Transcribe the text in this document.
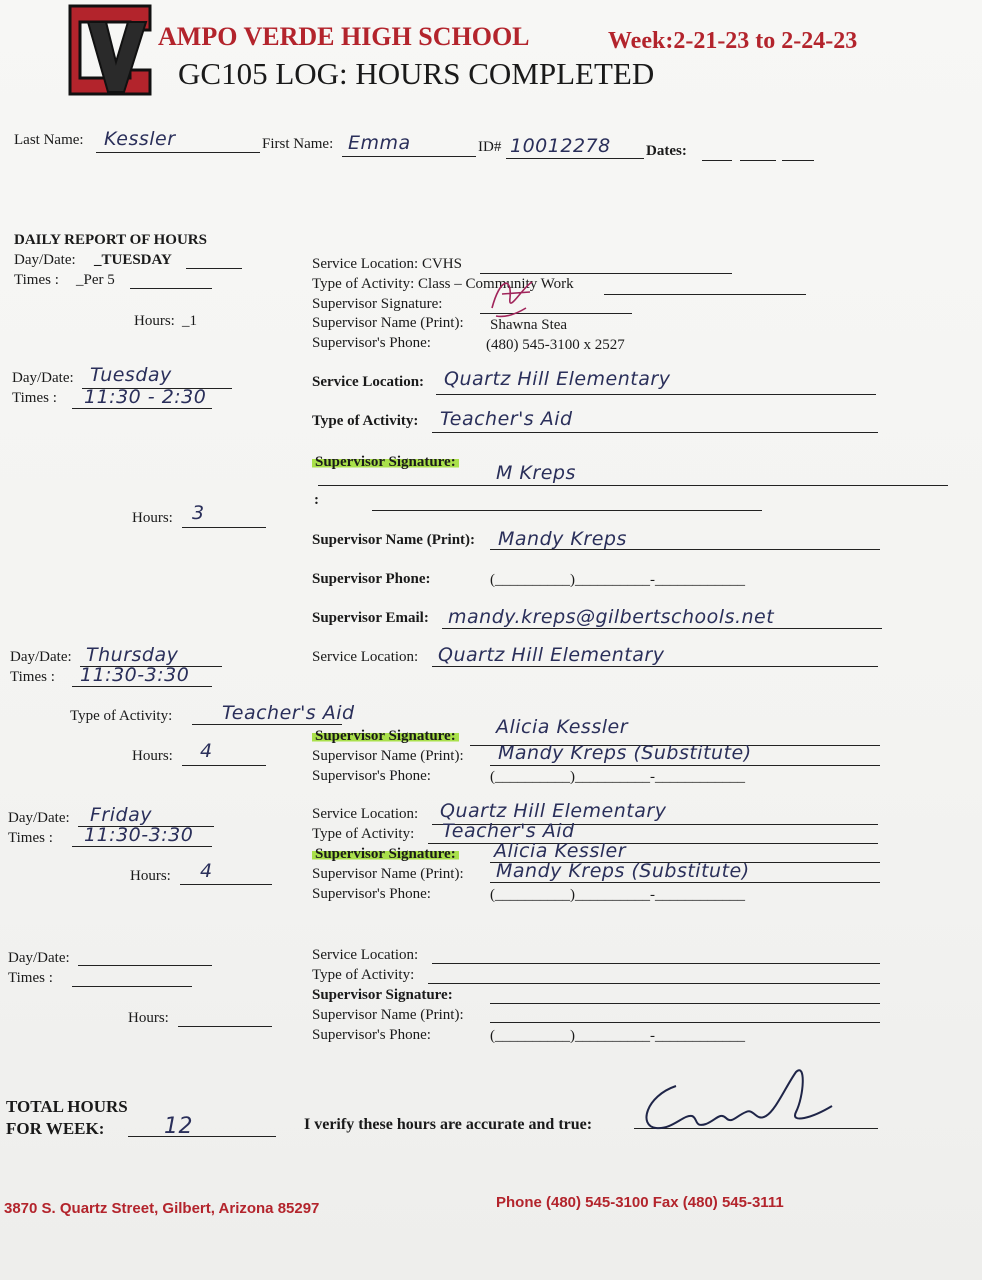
AMPO VERDE HIGH SCHOOL	Week:2-21-23 to 2-24-23
GC105 LOG: HOURS COMPLETED
Last Name: Kessler	First Name: Emma	ID# 10012278 Dates:
DAILY REPORT OF HOURS
Day/Date: _TUESDAY
Times : _Per 5
Hours: _1
Service Location: CVHS
Type of Activity: Class – Community Work
Supervisor Signature:
Supervisor Name (Print): Shawna Stea
Supervisor's Phone:	(480) 545-3100 x 2527
Day/Date: Tuesday
Times : 11:30 - 2:30
Hours: 3
Service Location: Quartz Hill Elementary
Type of Activity: Teacher's Aid
Supervisor Signature: M Kreps
:
Supervisor Name (Print): Mandy Kreps
Supervisor Phone:	(__________)__________-____________
Supervisor Email: mandy.kreps@gilbertschools.net
Day/Date: Thursday
Times : 11:30-3:30
Type of Activity:	Teacher's Aid
Hours: 4
Service Location: Quartz Hill Elementary
Supervisor Signature: Alicia Kessler
Supervisor Name (Print): Mandy Kreps (Substitute)
Supervisor's Phone:	(__________)__________-____________
Day/Date: Friday
Times : 11:30-3:30
Hours: 4
Service Location: Quartz Hill Elementary
Type of Activity: Teacher's Aid
Supervisor Signature: Alicia Kessler
Supervisor Name (Print): Mandy Kreps (Substitute)
Supervisor's Phone:	(__________)__________-____________
Day/Date:
Times :
Hours:
Service Location:
Type of Activity:
Supervisor Signature:
Supervisor Name (Print):
Supervisor's Phone:	(__________)__________-____________
TOTAL HOURS
FOR WEEK:	12	I verify these hours are accurate and true:
3870 S. Quartz Street, Gilbert, Arizona 85297	Phone (480) 545-3100 Fax (480) 545-3111
